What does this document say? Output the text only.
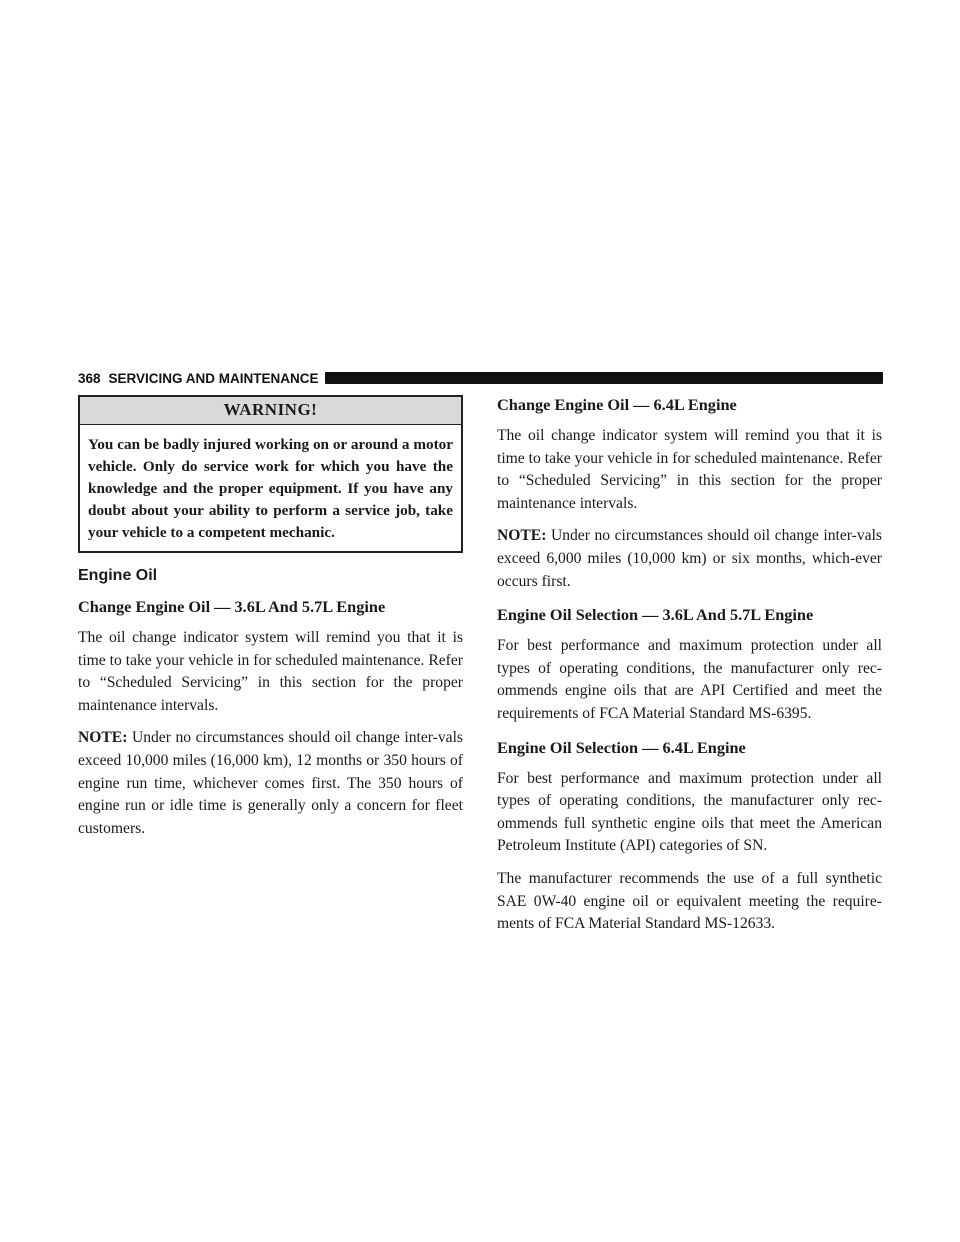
368 SERVICING AND MAINTENANCE
WARNING!
You can be badly injured working on or around a motor vehicle. Only do service work for which you have the knowledge and the proper equipment. If you have any doubt about your ability to perform a service job, take your vehicle to a competent mechanic.
Engine Oil
Change Engine Oil — 3.6L And 5.7L Engine

The oil change indicator system will remind you that it is time to take your vehicle in for scheduled maintenance. Refer to “Scheduled Servicing” in this section for the proper maintenance intervals.

NOTE: Under no circumstances should oil change inter-vals exceed 10,000 miles (16,000 km), 12 months or 350 hours of engine run time, whichever comes first. The 350 hours of engine run or idle time is generally only a concern for fleet customers.

Change Engine Oil — 6.4L Engine

The oil change indicator system will remind you that it is time to take your vehicle in for scheduled maintenance. Refer to “Scheduled Servicing” in this section for the proper maintenance intervals.

NOTE: Under no circumstances should oil change inter-vals exceed 6,000 miles (10,000 km) or six months, which-ever occurs first.

Engine Oil Selection — 3.6L And 5.7L Engine

For best performance and maximum protection under all types of operating conditions, the manufacturer only rec-ommends engine oils that are API Certified and meet the requirements of FCA Material Standard MS-6395.

Engine Oil Selection — 6.4L Engine

For best performance and maximum protection under all types of operating conditions, the manufacturer only rec-ommends full synthetic engine oils that meet the American Petroleum Institute (API) categories of SN.

The manufacturer recommends the use of a full synthetic SAE 0W-40 engine oil or equivalent meeting the require-ments of FCA Material Standard MS-12633.
